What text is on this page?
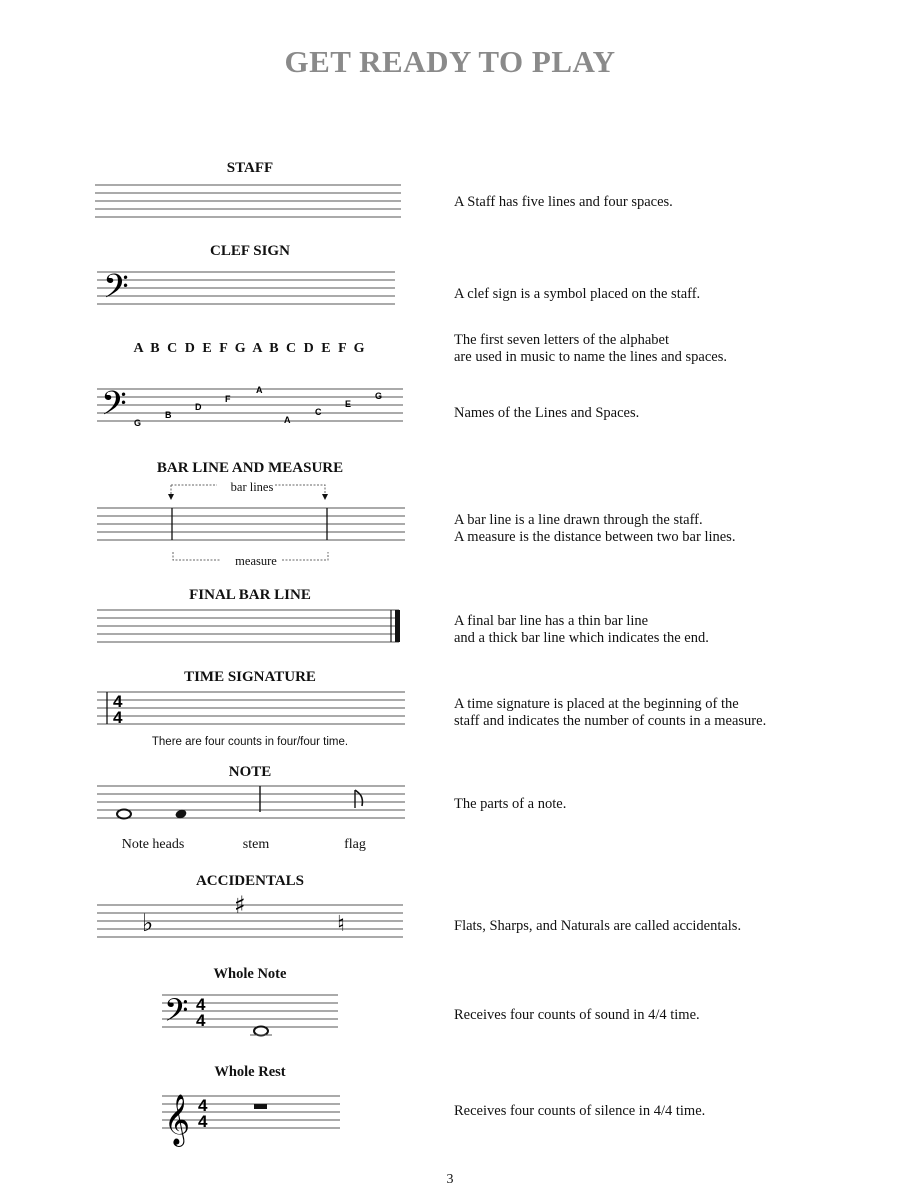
GET READY TO PLAY
STAFF
A Staff has five lines and four spaces.
CLEF SIGN
𝄢	A clef sign is a symbol placed on the staff.
A B C D E F G A B C D E F G
The first seven letters of the alphabet
are used in music to name the lines and spaces.
𝄢 G
B
D
F
A
A
C
E
G
Names of the Lines and Spaces.
BAR LINE AND MEASURE
bar lines
measure
A bar line is a line drawn through the staff.
A measure is the distance between two bar lines.
FINAL BAR LINE
A final bar line has a thin bar line
and a thick bar line which indicates the end.
TIME SIGNATURE
4
4
There are four counts in four/four time.
A time signature is placed at the beginning of the
staff and indicates the number of counts in a measure.
NOTE
Note heads	stem	flag
The parts of a note.
ACCIDENTALS
♭
♯
♮	Flats, Sharps, and Naturals are called accidentals.
Whole Note
𝄢 4
4	Receives four counts of sound in 4/4 time.
Whole Rest
𝄞 4
4
Receives four counts of silence in 4/4 time.
3
